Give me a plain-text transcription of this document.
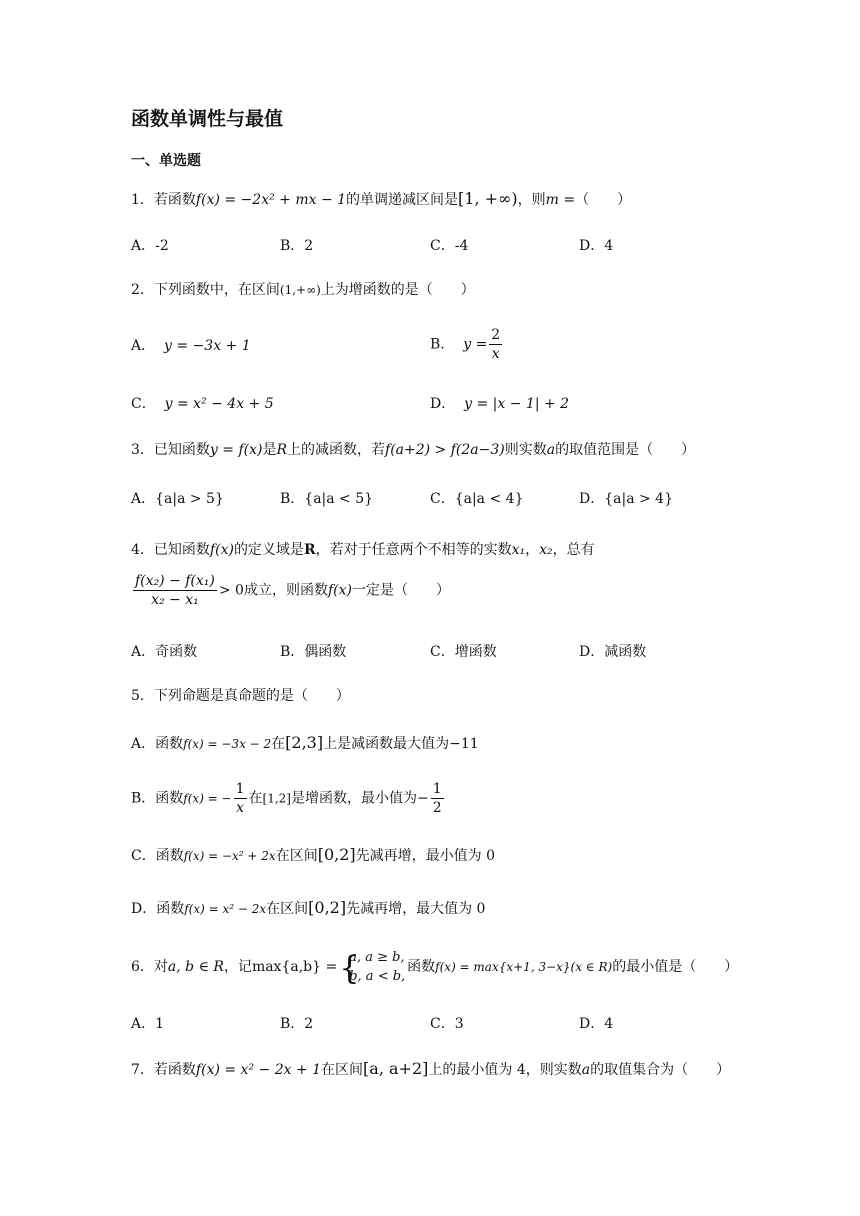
函数单调性与最值
一、单选题
1．若函数f(x) = −2x² + mx − 1的单调递减区间是[1, +∞)，则m =（　　）
A．-2	B．2	C．-4	D．4
2．下列函数中，在区间(1,+∞)上为增函数的是（　　）
A． y = −3x + 1	B． $y = \frac{2}{x}$
C． y = x² − 4x + 5	D． y = |x − 1| + 2
3．已知函数y = f(x)是R上的减函数，若f(a+2) > f(2a−3)则实数a的取值范围是（　　）
A．{a|a > 5}	B．{a|a < 5}	C．{a|a < 4}	D．{a|a > 4}
4．已知函数f(x)的定义域是R，若对于任意两个不相等的实数x₁，x₂，总有
$\frac{\text{f(x₂) − f(x₁)}}{\text{x₂ − x₁}} > 0$成立，则函数f(x)一定是（　　）
A．奇函数	B．偶函数	C．增函数	D．减函数
5．下列命题是真命题的是（　　）
A．函数f(x) = −3x − 2在[2,3]上是减函数最大值为−11
B．函数f(x) = − $\frac{1}{x}$ 在[1,2]是增函数，最小值为− $\frac{1}{2}$
C．函数f(x) = −x² + 2x在区间[0,2]先减再增，最小值为 0
D．函数f(x) = x² − 2x在区间[0,2]先减再增，最大值为 0
6．对a, b ∈ R，记max{a,b} = {
a, a ≥ b,
b, a < b,
函数f(x) = max{x+1, 3−x}(x ∈ R)的最小值是（　　）
A．1	B．2	C．3	D．4
7．若函数f(x) = x² − 2x + 1在区间[a, a+2]上的最小值为 4，则实数a的取值集合为（　　）
